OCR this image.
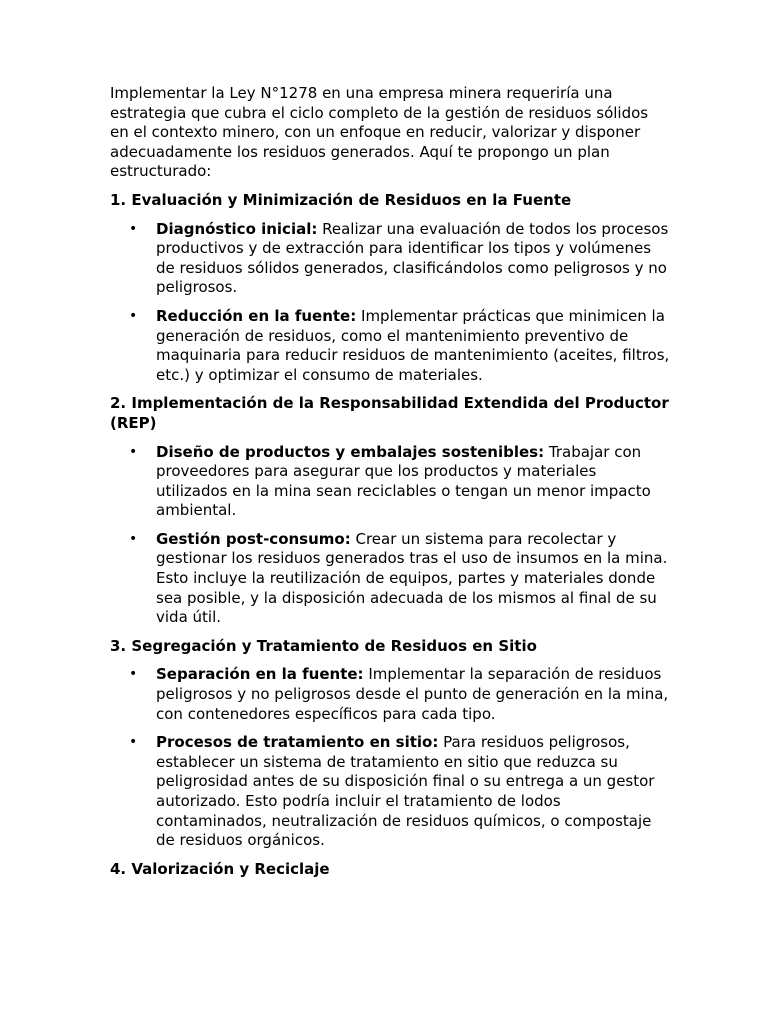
Implementar la Ley N°1278 en una empresa minera requeriría una estrategia que cubra el ciclo completo de la gestión de residuos sólidos en el contexto minero, con un enfoque en reducir, valorizar y disponer adecuadamente los residuos generados. Aquí te propongo un plan estructurado:

1. Evaluación y Minimización de Residuos en la Fuente
• Diagnóstico inicial: Realizar una evaluación de todos los procesos productivos y de extracción para identificar los tipos y volúmenes de residuos sólidos generados, clasificándolos como peligrosos y no peligrosos.
• Reducción en la fuente: Implementar prácticas que minimicen la generación de residuos, como el mantenimiento preventivo de maquinaria para reducir residuos de mantenimiento (aceites, filtros, etc.) y optimizar el consumo de materiales.
2. Implementación de la Responsabilidad Extendida del Productor (REP)
• Diseño de productos y embalajes sostenibles: Trabajar con proveedores para asegurar que los productos y materiales utilizados en la mina sean reciclables o tengan un menor impacto ambiental.
• Gestión post-consumo: Crear un sistema para recolectar y gestionar los residuos generados tras el uso de insumos en la mina. Esto incluye la reutilización de equipos, partes y materiales donde sea posible, y la disposición adecuada de los mismos al final de su vida útil.
3. Segregación y Tratamiento de Residuos en Sitio
• Separación en la fuente: Implementar la separación de residuos peligrosos y no peligrosos desde el punto de generación en la mina, con contenedores específicos para cada tipo.
• Procesos de tratamiento en sitio: Para residuos peligrosos, establecer un sistema de tratamiento en sitio que reduzca su peligrosidad antes de su disposición final o su entrega a un gestor autorizado. Esto podría incluir el tratamiento de lodos contaminados, neutralización de residuos químicos, o compostaje de residuos orgánicos.
4. Valorización y Reciclaje
